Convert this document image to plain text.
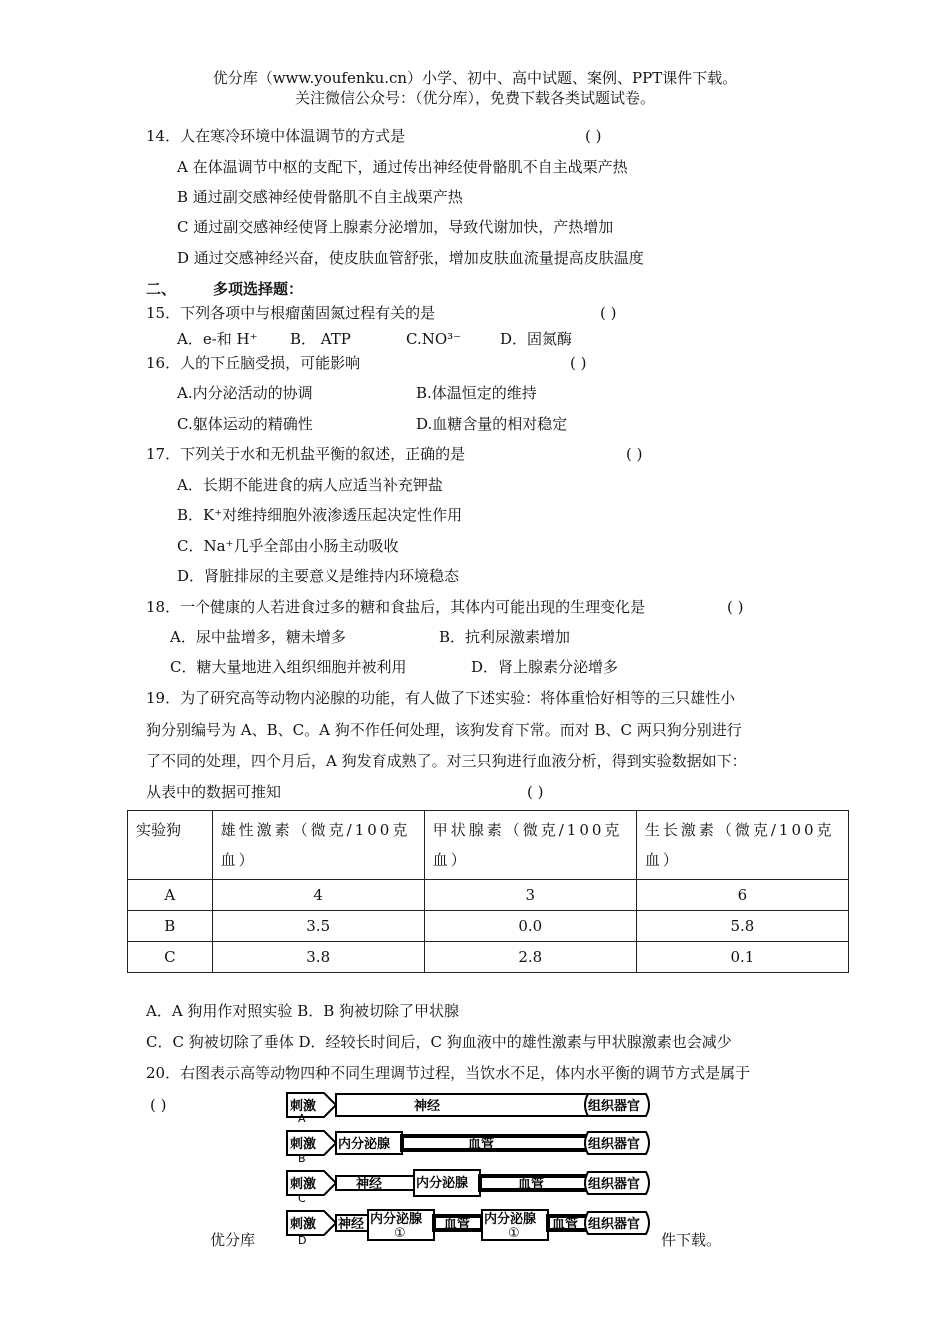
优分库（www.youfenku.cn）小学、初中、高中试题、案例、PPT课件下载。
关注微信公众号：（优分库），免费下载各类试题试卷。
14．人在寒冷环境中体温调节的方式是	( )
A 在体温调节中枢的支配下，通过传出神经使骨骼肌不自主战栗产热
B 通过副交感神经使骨骼肌不自主战栗产热
C 通过副交感神经使肾上腺素分泌增加，导致代谢加快，产热增加
D 通过交感神经兴奋，使皮肤血管舒张，增加皮肤血流量提高皮肤温度
二、 多项选择题：
15．下列各项中与根瘤菌固氮过程有关的是	( )
A．e-和 H⁺ B． ATP	C.NO³⁻	D．固氮酶
16．人的下丘脑受损，可能影响	( )
A.内分泌活动的协调	B.体温恒定的维持
C.躯体运动的精确性	D.血糖含量的相对稳定
17．下列关于水和无机盐平衡的叙述，正确的是	( )
A．长期不能进食的病人应适当补充钾盐
B．K⁺对维持细胞外液渗透压起决定性作用
C．Na⁺几乎全部由小肠主动吸收
D．肾脏排尿的主要意义是维持内环境稳态
18．一个健康的人若进食过多的糖和食盐后，其体内可能出现的生理变化是	( )
A．尿中盐增多，糖未增多	B．抗利尿激素增加
C．糖大量地进入组织细胞并被利用	D．肾上腺素分泌增多
19．为了研究高等动物内泌腺的功能，有人做了下述实验：将体重恰好相等的三只雄性小
狗分别编号为 A、B、C。A 狗不作任何处理，该狗发育下常。而对 B、C 两只狗分别进行
了不同的处理，四个月后，A 狗发育成熟了。对三只狗进行血液分析，得到实验数据如下：
从表中的数据可推知	( )
实验狗	雄性激素（微克/100克血）	甲状腺素（微克/100克血）	生长激素（微克/100克血）
A	4	3	6
B	3.5	0.0	5.8
C	3.8	2.8	0.1
A．A 狗用作对照实验 B．B 狗被切除了甲状腺
C．C 狗被切除了垂体 D．经较长时间后，C 狗血液中的雄性激素与甲状腺激素也会减少
20．右图表示高等动物四种不同生理调节过程，当饮水不足，体内水平衡的调节方式是属于
( )
优分库	件下载。
刺激
A
神经	组织器官
刺激
B
内分泌腺	血管	组织器官
刺激
C
神经	内分泌腺	血管	组织器官
刺激
D
神经 内分泌腺
①
血管 内分泌腺
①
血管 组织器官
